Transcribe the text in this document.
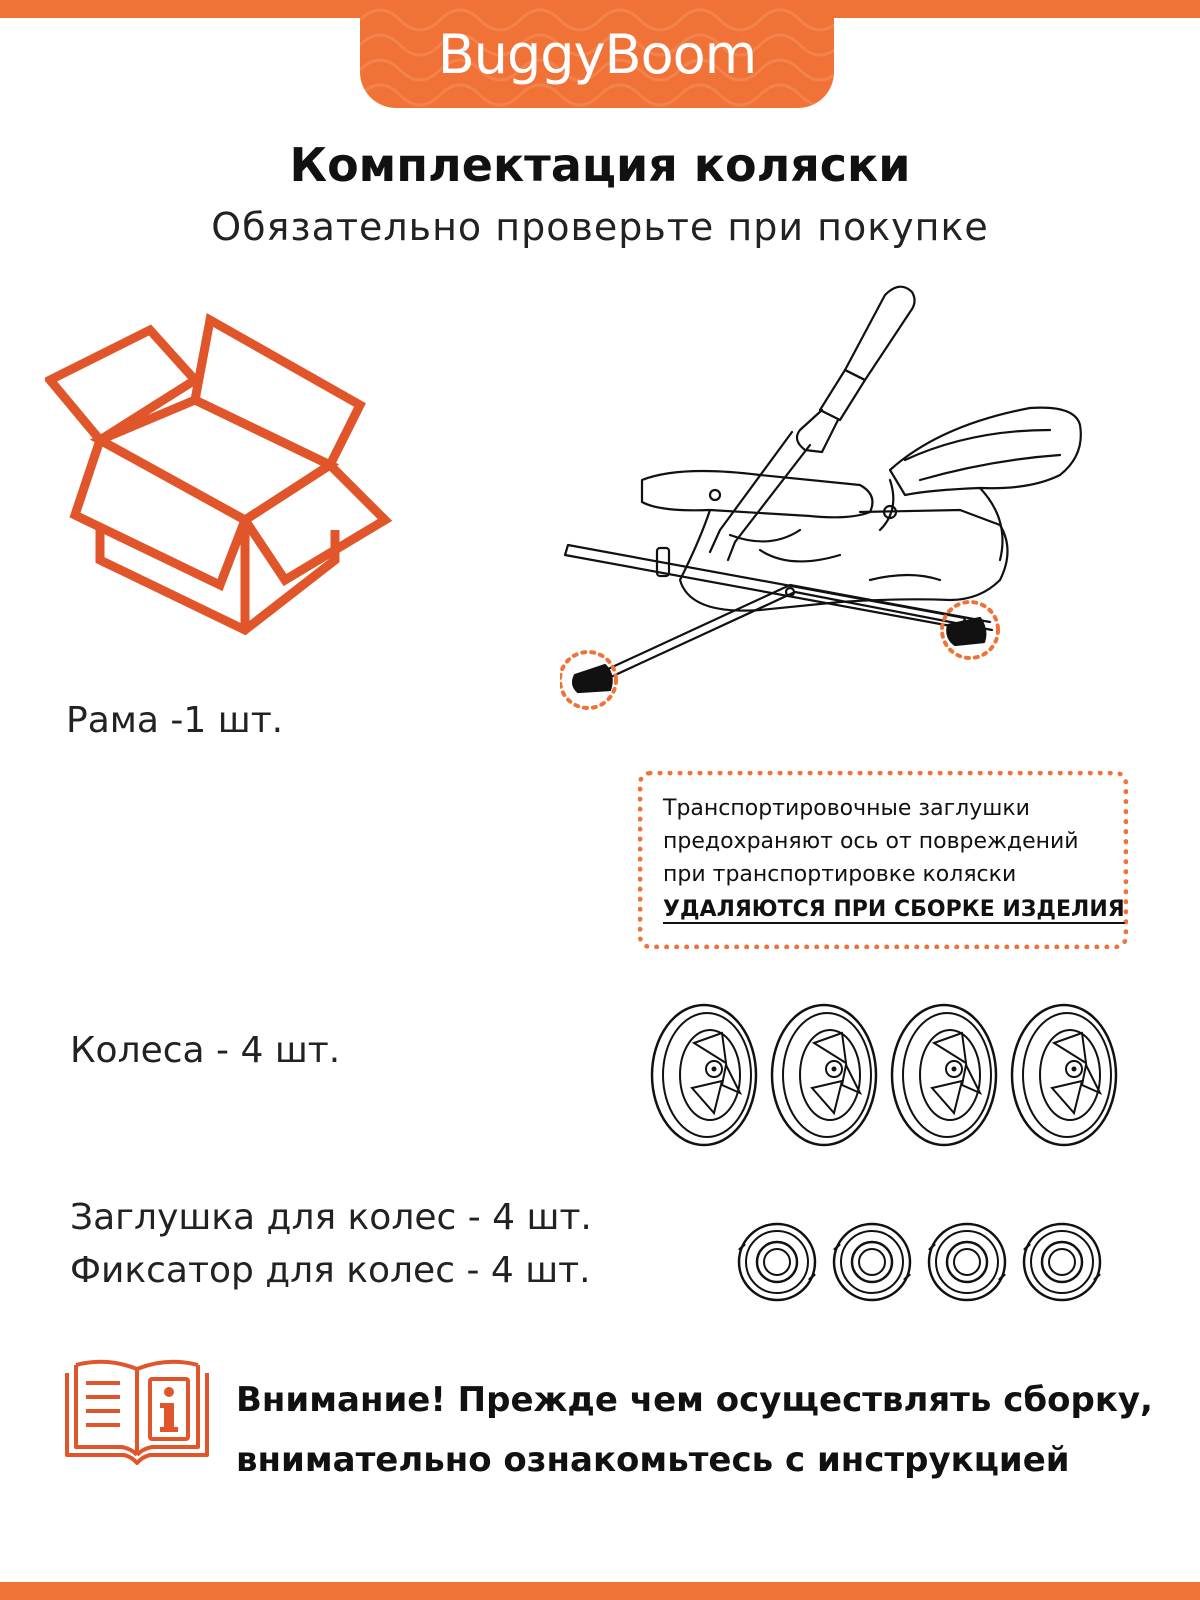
BuggyBoom
Комплектация коляски
Обязательно проверьте при покупке
Рама -1 шт.
Транспортировочные заглушки
предохраняют ось от повреждений
при транспортировке коляски
УДАЛЯЮТСЯ ПРИ СБОРКЕ ИЗДЕЛИЯ
Колеса - 4 шт.
Заглушка для колес - 4 шт.
Фиксатор для колес - 4 шт.
Внимание! Прежде чем осуществлять сборку,
внимательно ознакомьтесь с инструкцией
